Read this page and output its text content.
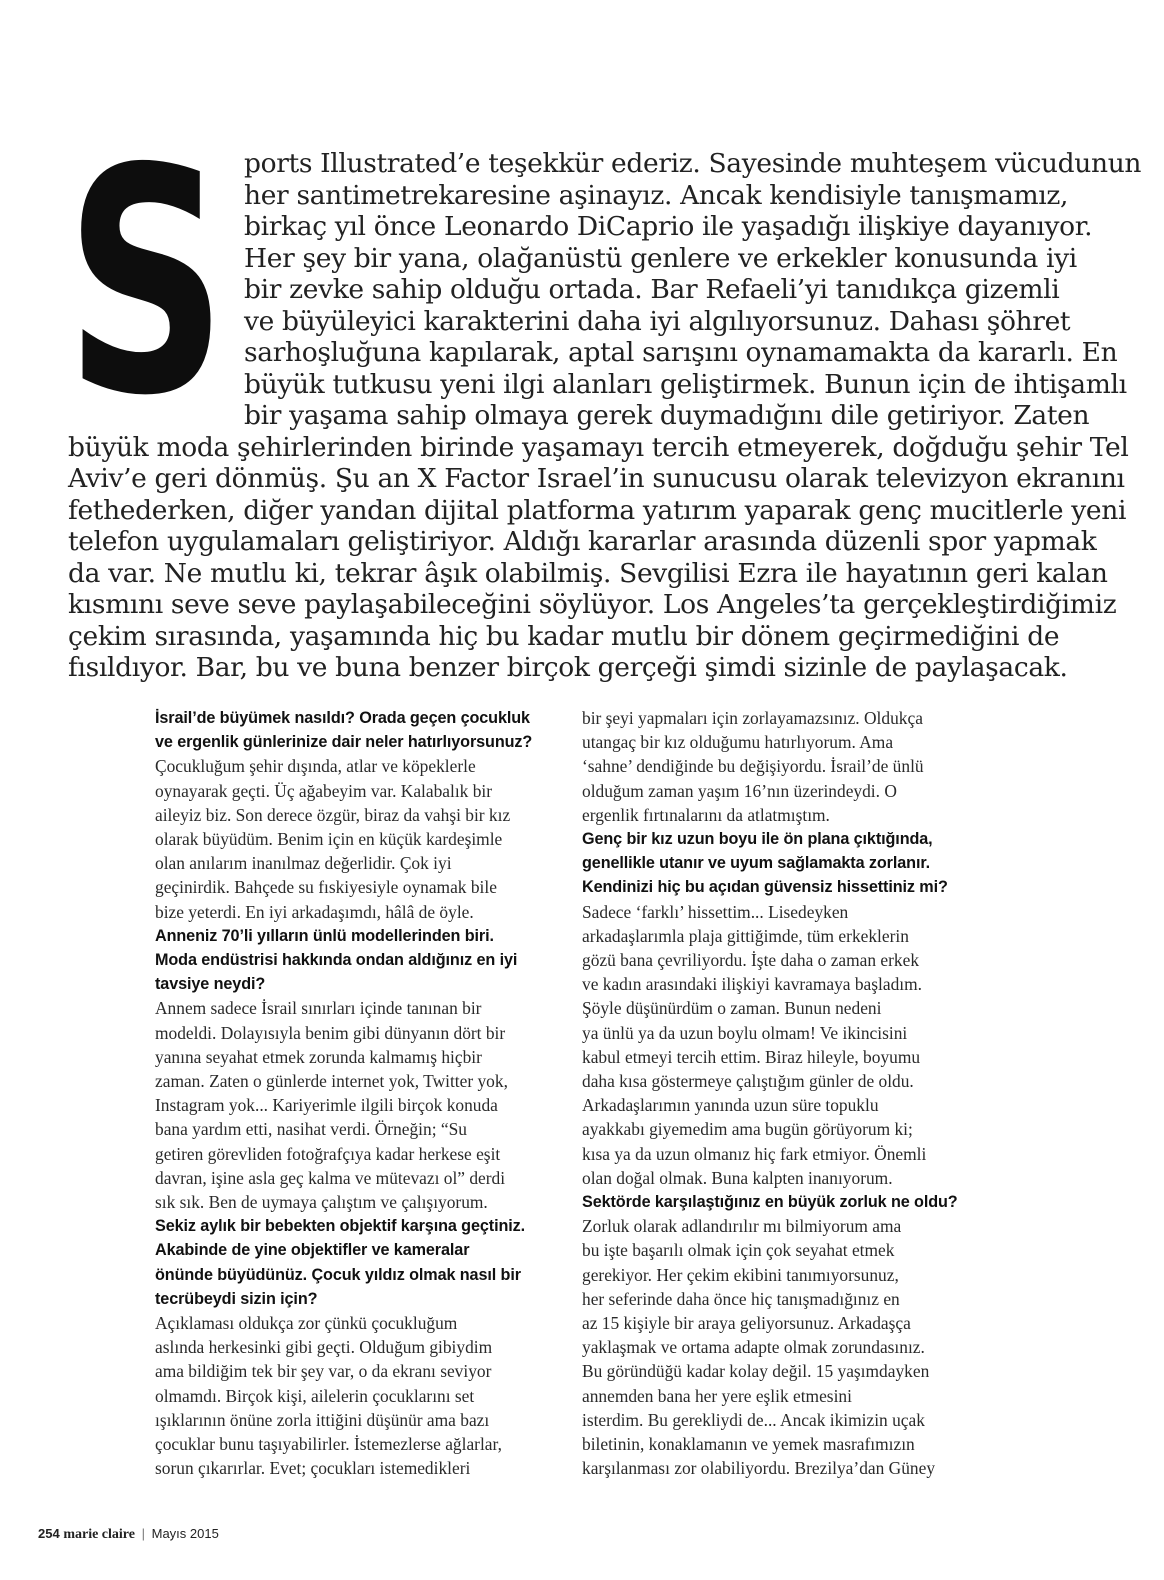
S ports Illustrated’e teşekkür ederiz. Sayesinde muhteşem vücudunun
her santimetrekaresine aşinayız. Ancak kendisiyle tanışmamız,
birkaç yıl önce Leonardo DiCaprio ile yaşadığı ilişkiye dayanıyor.
Her şey bir yana, olağanüstü genlere ve erkekler konusunda iyi
bir zevke sahip olduğu ortada. Bar Refaeli’yi tanıdıkça gizemli
ve büyüleyici karakterini daha iyi algılıyorsunuz. Dahası şöhret
sarhoşluğuna kapılarak, aptal sarışını oynamamakta da kararlı. En
büyük tutkusu yeni ilgi alanları geliştirmek. Bunun için de ihtişamlı
bir yaşama sahip olmaya gerek duymadığını dile getiriyor. Zaten
büyük moda şehirlerinden birinde yaşamayı tercih etmeyerek, doğduğu şehir Tel
Aviv’e geri dönmüş. Şu an X Factor Israel’in sunucusu olarak televizyon ekranını
fethederken, diğer yandan dijital platforma yatırım yaparak genç mucitlerle yeni
telefon uygulamaları geliştiriyor. Aldığı kararlar arasında düzenli spor yapmak
da var. Ne mutlu ki, tekrar âşık olabilmiş. Sevgilisi Ezra ile hayatının geri kalan
kısmını seve seve paylaşabileceğini söylüyor. Los Angeles’ta gerçekleştirdiğimiz
çekim sırasında, yaşamında hiç bu kadar mutlu bir dönem geçirmediğini de
fısıldıyor. Bar, bu ve buna benzer birçok gerçeği şimdi sizinle de paylaşacak.

İsrail’de büyümek nasıldı? Orada geçen çocukluk

ve ergenlik günlerinize dair neler hatırlıyorsunuz?

Çocukluğum şehir dışında, atlar ve köpeklerle

oynayarak geçti. Üç ağabeyim var. Kalabalık bir

aileyiz biz. Son derece özgür, biraz da vahşi bir kız

olarak büyüdüm. Benim için en küçük kardeşimle

olan anılarım inanılmaz değerlidir. Çok iyi

geçinirdik. Bahçede su fıskiyesiyle oynamak bile

bize yeterdi. En iyi arkadaşımdı, hâlâ de öyle.

Anneniz 70’li yılların ünlü modellerinden biri.

Moda endüstrisi hakkında ondan aldığınız en iyi

tavsiye neydi?

Annem sadece İsrail sınırları içinde tanınan bir

modeldi. Dolayısıyla benim gibi dünyanın dört bir

yanına seyahat etmek zorunda kalmamış hiçbir

zaman. Zaten o günlerde internet yok, Twitter yok,

Instagram yok... Kariyerimle ilgili birçok konuda

bana yardım etti, nasihat verdi. Örneğin; “Su

getiren görevliden fotoğrafçıya kadar herkese eşit

davran, işine asla geç kalma ve mütevazı ol” derdi

sık sık. Ben de uymaya çalıştım ve çalışıyorum.

Sekiz aylık bir bebekten objektif karşına geçtiniz.

Akabinde de yine objektifler ve kameralar

önünde büyüdünüz. Çocuk yıldız olmak nasıl bir

tecrübeydi sizin için?

Açıklaması oldukça zor çünkü çocukluğum

aslında herkesinki gibi geçti. Olduğum gibiydim

ama bildiğim tek bir şey var, o da ekranı seviyor

olmamdı. Birçok kişi, ailelerin çocuklarını set

ışıklarının önüne zorla ittiğini düşünür ama bazı

çocuklar bunu taşıyabilirler. İstemezlerse ağlarlar,

sorun çıkarırlar. Evet; çocukları istemedikleri

bir şeyi yapmaları için zorlayamazsınız. Oldukça

utangaç bir kız olduğumu hatırlıyorum. Ama

‘sahne’ dendiğinde bu değişiyordu. İsrail’de ünlü

olduğum zaman yaşım 16’nın üzerindeydi. O

ergenlik fırtınalarını da atlatmıştım.

Genç bir kız uzun boyu ile ön plana çıktığında,

genellikle utanır ve uyum sağlamakta zorlanır.

Kendinizi hiç bu açıdan güvensiz hissettiniz mi?

Sadece ‘farklı’ hissettim... Lisedeyken

arkadaşlarımla plaja gittiğimde, tüm erkeklerin

gözü bana çevriliyordu. İşte daha o zaman erkek

ve kadın arasındaki ilişkiyi kavramaya başladım.

Şöyle düşünürdüm o zaman. Bunun nedeni

ya ünlü ya da uzun boylu olmam! Ve ikincisini

kabul etmeyi tercih ettim. Biraz hileyle, boyumu

daha kısa göstermeye çalıştığım günler de oldu.

Arkadaşlarımın yanında uzun süre topuklu

ayakkabı giyemedim ama bugün görüyorum ki;

kısa ya da uzun olmanız hiç fark etmiyor. Önemli

olan doğal olmak. Buna kalpten inanıyorum.

Sektörde karşılaştığınız en büyük zorluk ne oldu?

Zorluk olarak adlandırılır mı bilmiyorum ama

bu işte başarılı olmak için çok seyahat etmek

gerekiyor. Her çekim ekibini tanımıyorsunuz,

her seferinde daha önce hiç tanışmadığınız en

az 15 kişiyle bir araya geliyorsunuz. Arkadaşça

yaklaşmak ve ortama adapte olmak zorundasınız.

Bu göründüğü kadar kolay değil. 15 yaşımdayken

annemden bana her yere eşlik etmesini

isterdim. Bu gerekliydi de... Ancak ikimizin uçak

biletinin, konaklamanın ve yemek masrafımızın

karşılanması zor olabiliyordu. Brezilya’dan Güney

254 marie claire | Mayıs 2015
